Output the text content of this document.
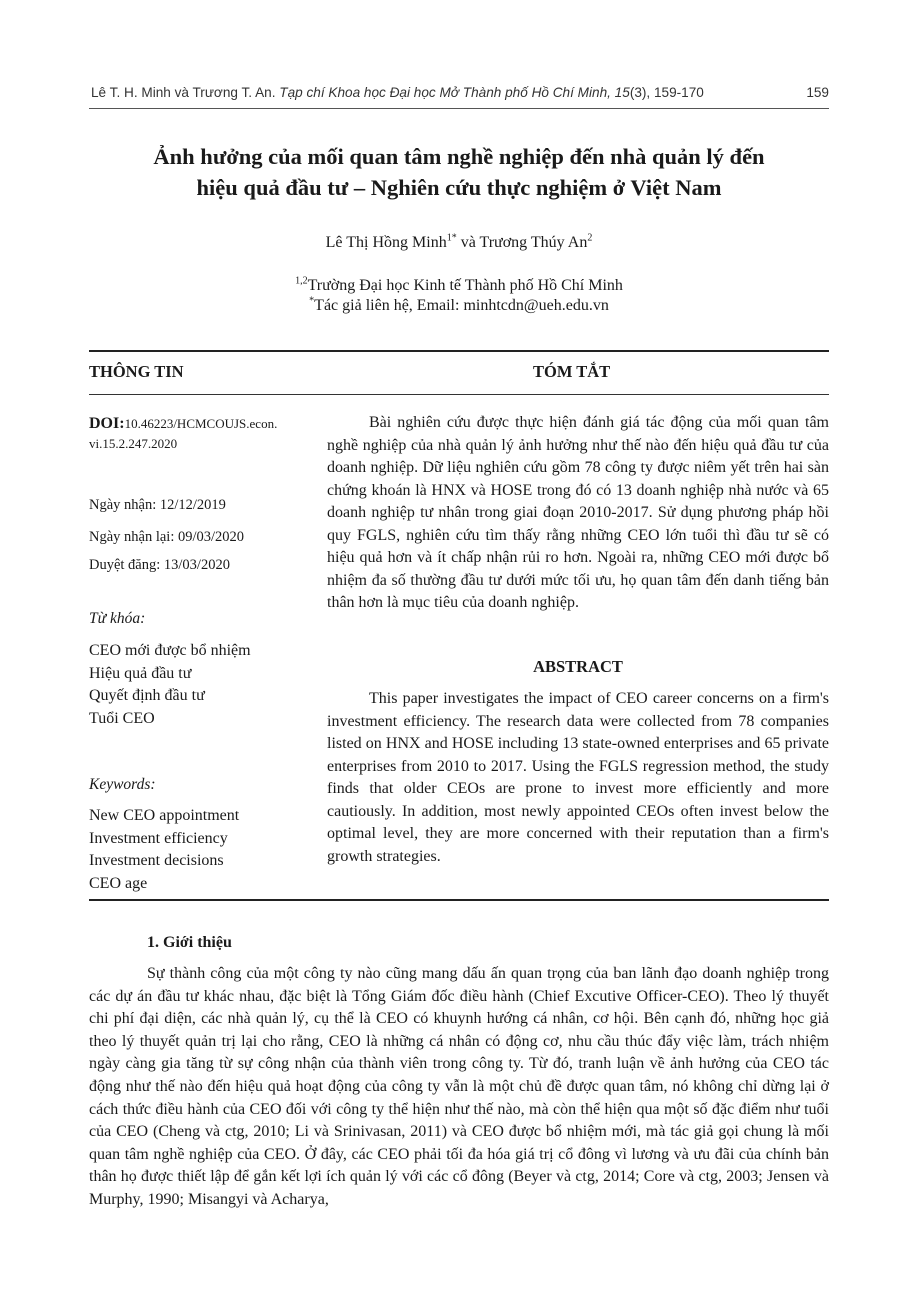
Lê T. H. Minh và Trương T. An. Tạp chí Khoa học Đại học Mở Thành phố Hồ Chí Minh, 15(3), 159-170	159
Ảnh hưởng của mối quan tâm nghề nghiệp đến nhà quản lý đến
hiệu quả đầu tư – Nghiên cứu thực nghiệm ở Việt Nam
Lê Thị Hồng Minh$^{1*}$ và Trương Thúy An$^2$
$^{1,2}$Trường Đại học Kinh tế Thành phố Hồ Chí Minh
*Tác giả liên hệ, Email: minhtcdn@ueh.edu.vn
THÔNG TIN	TÓM TẮT
DOI:10.46223/HCMCOUJS.econ.
vi.15.2.247.2020
Ngày nhận: 12/12/2019
Ngày nhận lại: 09/03/2020
Duyệt đăng: 13/03/2020
Từ khóa:
CEO mới được bổ nhiệm
Hiệu quả đầu tư
Quyết định đầu tư
Tuổi CEO
Keywords:
New CEO appointment
Investment efficiency
Investment decisions
CEO age

Bài nghiên cứu được thực hiện đánh giá tác động của mối quan tâm nghề nghiệp của nhà quản lý ảnh hưởng như thế nào đến hiệu quả đầu tư của doanh nghiệp. Dữ liệu nghiên cứu gồm 78 công ty được niêm yết trên hai sàn chứng khoán là HNX và HOSE trong đó có 13 doanh nghiệp nhà nước và 65 doanh nghiệp tư nhân trong giai đoạn 2010-2017. Sử dụng phương pháp hồi quy FGLS, nghiên cứu tìm thấy rằng những CEO lớn tuổi thì đầu tư sẽ có hiệu quả hơn và ít chấp nhận rủi ro hơn. Ngoài ra, những CEO mới được bổ nhiệm đa số thường đầu tư dưới mức tối ưu, họ quan tâm đến danh tiếng bản thân hơn là mục tiêu của doanh nghiệp.

ABSTRACT

This paper investigates the impact of CEO career concerns on a firm's investment efficiency. The research data were collected from 78 companies listed on HNX and HOSE including 13 state-owned enterprises and 65 private enterprises from 2010 to 2017. Using the FGLS regression method, the study finds that older CEOs are prone to invest more efficiently and more cautiously. In addition, most newly appointed CEOs often invest below the optimal level, they are more concerned with their reputation than a firm's growth strategies.

1. Giới thiệu

Sự thành công của một công ty nào cũng mang dấu ấn quan trọng của ban lãnh đạo doanh nghiệp trong các dự án đầu tư khác nhau, đặc biệt là Tổng Giám đốc điều hành (Chief Excutive Officer-CEO). Theo lý thuyết chi phí đại diện, các nhà quản lý, cụ thể là CEO có khuynh hướng cá nhân, cơ hội. Bên cạnh đó, những học giả theo lý thuyết quản trị lại cho rằng, CEO là những cá nhân có động cơ, nhu cầu thúc đẩy việc làm, trách nhiệm ngày càng gia tăng từ sự công nhận của thành viên trong công ty. Từ đó, tranh luận về ảnh hưởng của CEO tác động như thế nào đến hiệu quả hoạt động của công ty vẫn là một chủ đề được quan tâm, nó không chỉ dừng lại ở cách thức điều hành của CEO đối với công ty thể hiện như thế nào, mà còn thể hiện qua một số đặc điểm như tuổi của CEO (Cheng và ctg, 2010; Li và Srinivasan, 2011) và CEO được bổ nhiệm mới, mà tác giả gọi chung là mối quan tâm nghề nghiệp của CEO. Ở đây, các CEO phải tối đa hóa giá trị cổ đông vì lương và ưu đãi của chính bản thân họ được thiết lập để gắn kết lợi ích quản lý với các cổ đông (Beyer và ctg, 2014; Core và ctg, 2003; Jensen và Murphy, 1990; Misangyi và Acharya,
